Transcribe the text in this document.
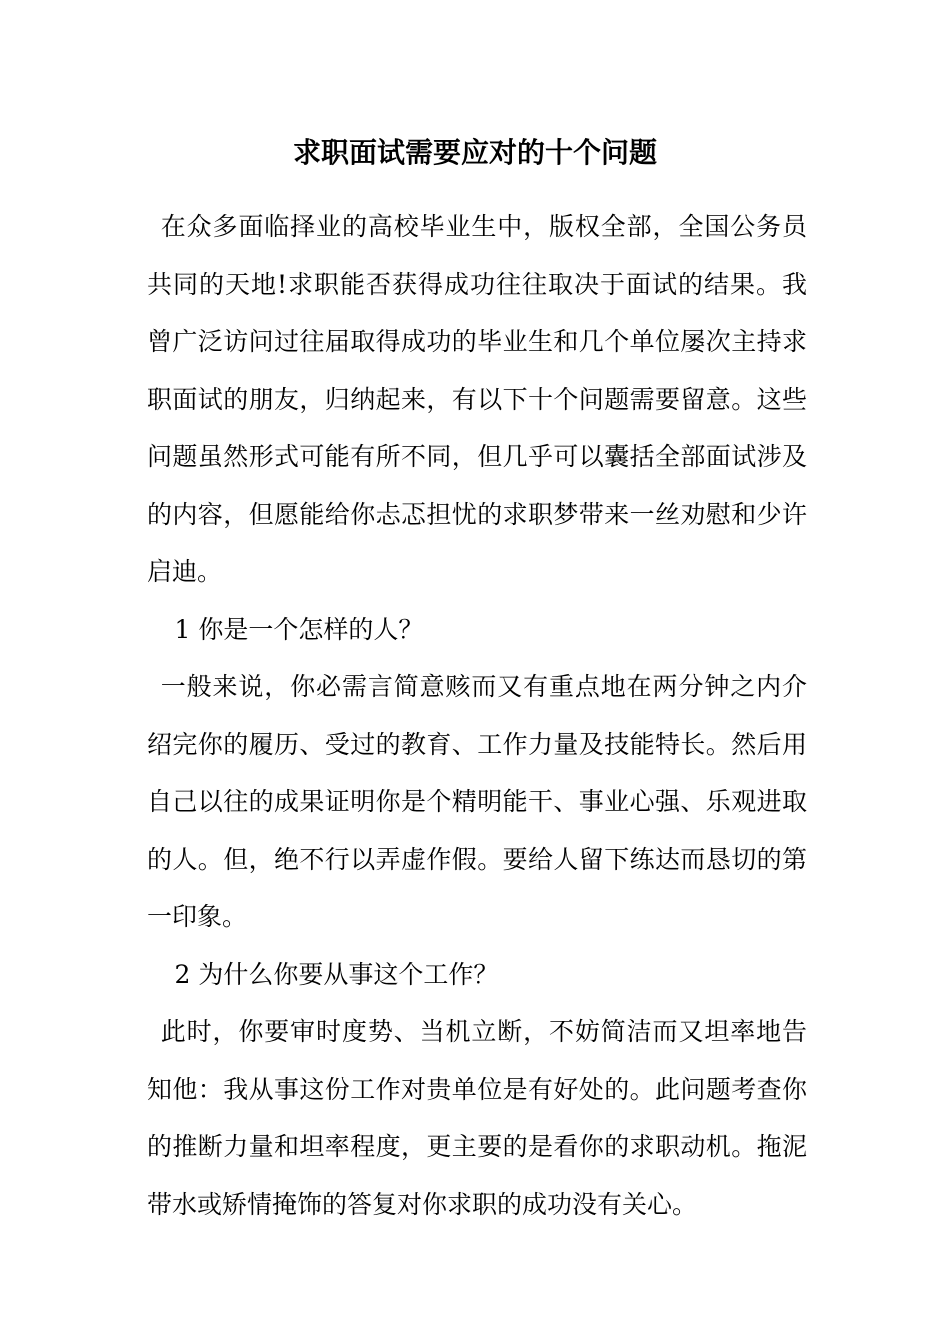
求职面试需要应对的十个问题

在众多面临择业的高校毕业生中，版权全部，全国公务员共同的天地!求职能否获得成功往往取决于面试的结果。我曾广泛访问过往届取得成功的毕业生和几个单位屡次主持求职面试的朋友，归纳起来，有以下十个问题需要留意。这些问题虽然形式可能有所不同，但几乎可以囊括全部面试涉及的内容，但愿能给你忐忑担忧的求职梦带来一丝劝慰和少许启迪。

1 你是一个怎样的人？

一般来说，你必需言简意赅而又有重点地在两分钟之内介绍完你的履历、受过的教育、工作力量及技能特长。然后用自己以往的成果证明你是个精明能干、事业心强、乐观进取的人。但，绝不行以弄虚作假。要给人留下练达而恳切的第一印象。

2 为什么你要从事这个工作？

此时，你要审时度势、当机立断，不妨简洁而又坦率地告知他：我从事这份工作对贵单位是有好处的。此问题考查你的推断力量和坦率程度，更主要的是看你的求职动机。拖泥带水或矫情掩饰的答复对你求职的成功没有关心。
